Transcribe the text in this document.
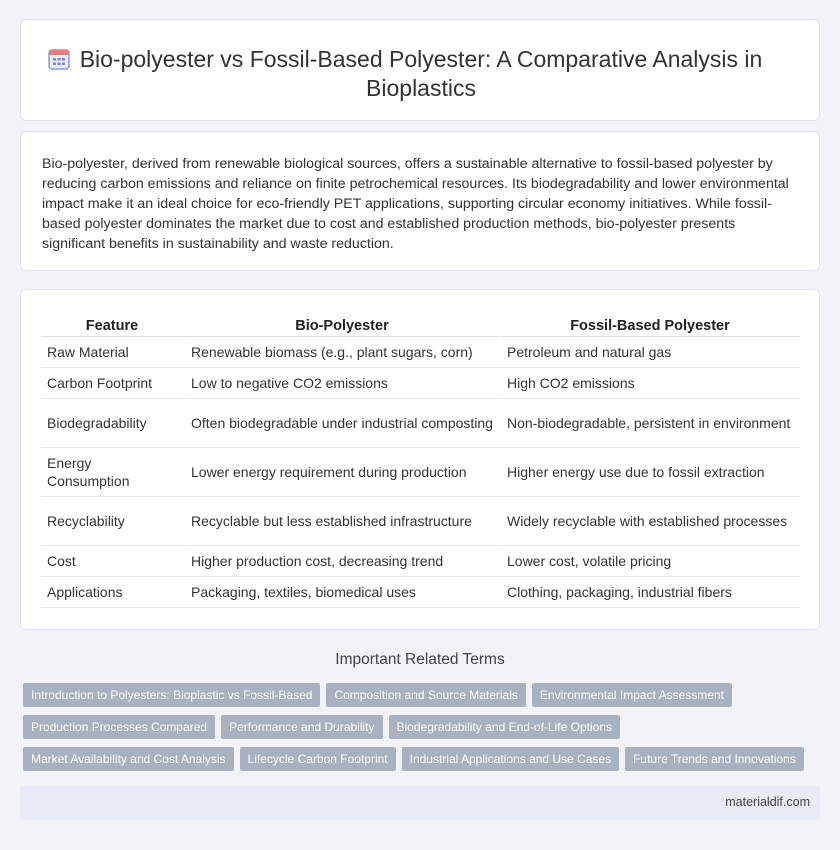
Bio-polyester vs Fossil-Based Polyester: A Comparative Analysis in
Bioplastics

Bio-polyester, derived from renewable biological sources, offers a sustainable alternative to fossil-based polyester by reducing carbon emissions and reliance on finite petrochemical resources. Its biodegradability and lower environmental impact make it an ideal choice for eco-friendly PET applications, supporting circular economy initiatives. While fossil-based polyester dominates the market due to cost and established production methods, bio-polyester presents significant benefits in sustainability and waste reduction.

Feature	Bio-Polyester	Fossil-Based Polyester
Raw Material	Renewable biomass (e.g., plant sugars, corn)	Petroleum and natural gas
Carbon Footprint	Low to negative CO2 emissions	High CO2 emissions
Biodegradability	Often biodegradable under industrial composting	Non-biodegradable, persistent in environment
Energy Consumption	Lower energy requirement during production	Higher energy use due to fossil extraction
Recyclability	Recyclable but less established infrastructure	Widely recyclable with established processes
Cost	Higher production cost, decreasing trend	Lower cost, volatile pricing
Applications	Packaging, textiles, biomedical uses	Clothing, packaging, industrial fibers
Important Related Terms
Introduction to Polyesters: Bioplastic vs Fossil-Based Composition and Source Materials Environmental Impact Assessment
Production Processes Compared Performance and Durability Biodegradability and End-of-Life Options
Market Availability and Cost Analysis Lifecycle Carbon Footprint Industrial Applications and Use Cases Future Trends and Innovations
materialdif.com
